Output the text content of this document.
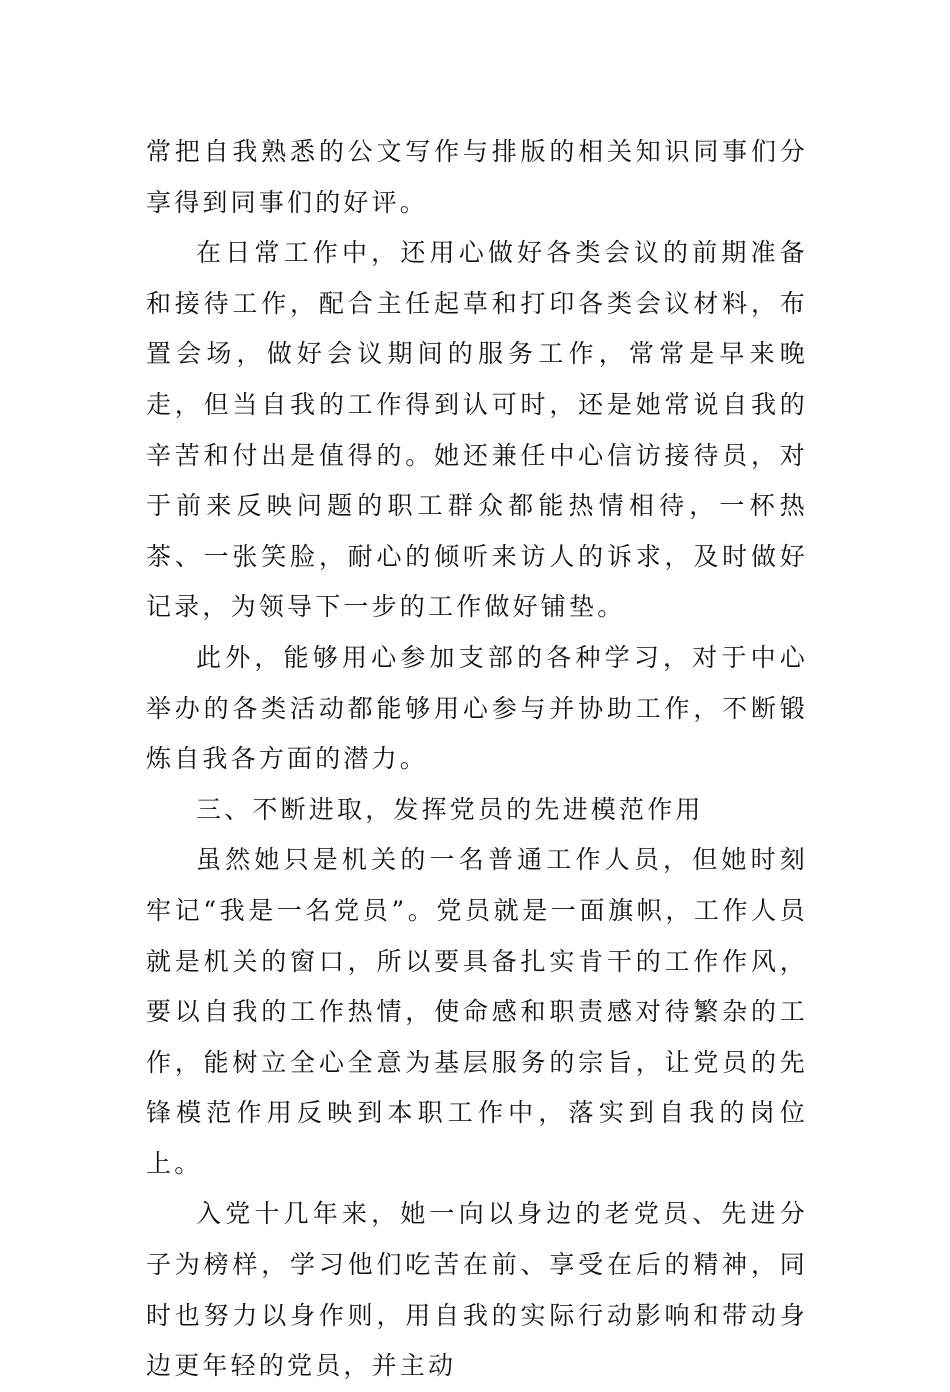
常把自我熟悉的公文写作与排版的相关知识同事们分享得到同事们的好评。

在日常工作中，还用心做好各类会议的前期准备和接待工作，配合主任起草和打印各类会议材料，布置会场，做好会议期间的服务工作，常常是早来晚走，但当自我的工作得到认可时，还是她常说自我的辛苦和付出是值得的。她还兼任中心信访接待员，对于前来反映问题的职工群众都能热情相待，一杯热茶、一张笑脸，耐心的倾听来访人的诉求，及时做好记录，为领导下一步的工作做好铺垫。

此外，能够用心参加支部的各种学习，对于中心举办的各类活动都能够用心参与并协助工作，不断锻炼自我各方面的潜力。

三、不断进取，发挥党员的先进模范作用

虽然她只是机关的一名普通工作人员，但她时刻牢记“我是一名党员”。党员就是一面旗帜，工作人员就是机关的窗口，所以要具备扎实肯干的工作作风，要以自我的工作热情，使命感和职责感对待繁杂的工作，能树立全心全意为基层服务的宗旨，让党员的先锋模范作用反映到本职工作中，落实到自我的岗位上。

入党十几年来，她一向以身边的老党员、先进分子为榜样，学习他们吃苦在前、享受在后的精神，同时也努力以身作则，用自我的实际行动影响和带动身边更年轻的党员，并主动
